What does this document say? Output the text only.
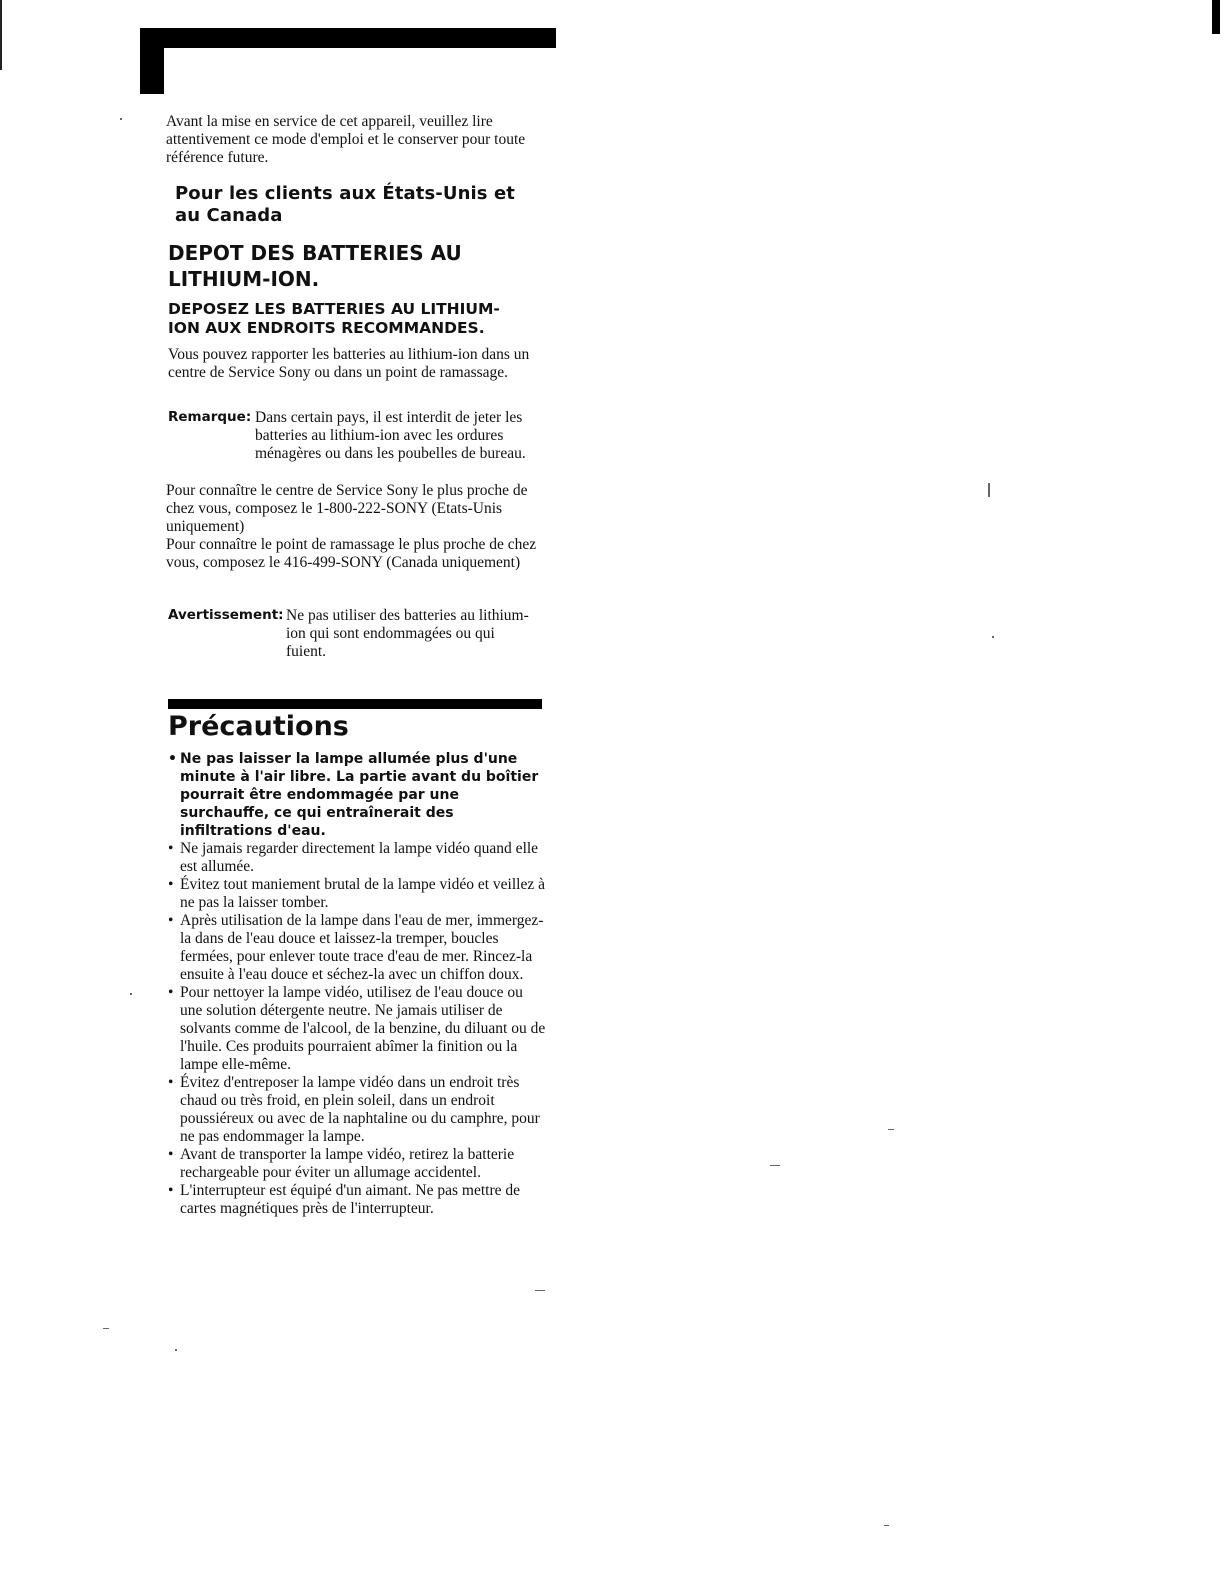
Avant la mise en service de cet appareil, veuillez lire attentivement ce mode d'emploi et le conserver pour toute référence future.
Pour les clients aux États-Unis et au Canada
DEPOT DES BATTERIES AU LITHIUM-ION.
DEPOSEZ LES BATTERIES AU LITHIUM-ION AUX ENDROITS RECOMMANDES.
Vous pouvez rapporter les batteries au lithium-ion dans un centre de Service Sony ou dans un point de ramassage.
Remarque: Dans certain pays, il est interdit de jeter les batteries au lithium-ion avec les ordures ménagères ou dans les poubelles de bureau.
Pour connaître le centre de Service Sony le plus proche de chez vous, composez le 1-800-222-SONY (Etats-Unis uniquement)
Pour connaître le point de ramassage le plus proche de chez vous, composez le 416-499-SONY (Canada uniquement)
Avertissement: Ne pas utiliser des batteries au lithium-ion qui sont endommagées ou qui fuient.
Précautions
• Ne pas laisser la lampe allumée plus d'une minute à l'air libre. La partie avant du boîtier pourrait être endommagée par une surchauffe, ce qui entraînerait des infiltrations d'eau.
• Ne jamais regarder directement la lampe vidéo quand elle est allumée.
• Évitez tout maniement brutal de la lampe vidéo et veillez à ne pas la laisser tomber.
• Après utilisation de la lampe dans l'eau de mer, immergez-la dans de l'eau douce et laissez-la tremper, boucles fermées, pour enlever toute trace d'eau de mer. Rincez-la ensuite à l'eau douce et séchez-la avec un chiffon doux.
• Pour nettoyer la lampe vidéo, utilisez de l'eau douce ou une solution détergente neutre. Ne jamais utiliser de solvants comme de l'alcool, de la benzine, du diluant ou de l'huile. Ces produits pourraient abîmer la finition ou la lampe elle-même.
• Évitez d'entreposer la lampe vidéo dans un endroit très chaud ou très froid, en plein soleil, dans un endroit poussiéreux ou avec de la naphtaline ou du camphre, pour ne pas endommager la lampe.
• Avant de transporter la lampe vidéo, retirez la batterie rechargeable pour éviter un allumage accidentel.
• L'interrupteur est équipé d'un aimant. Ne pas mettre de cartes magnétiques près de l'interrupteur.
